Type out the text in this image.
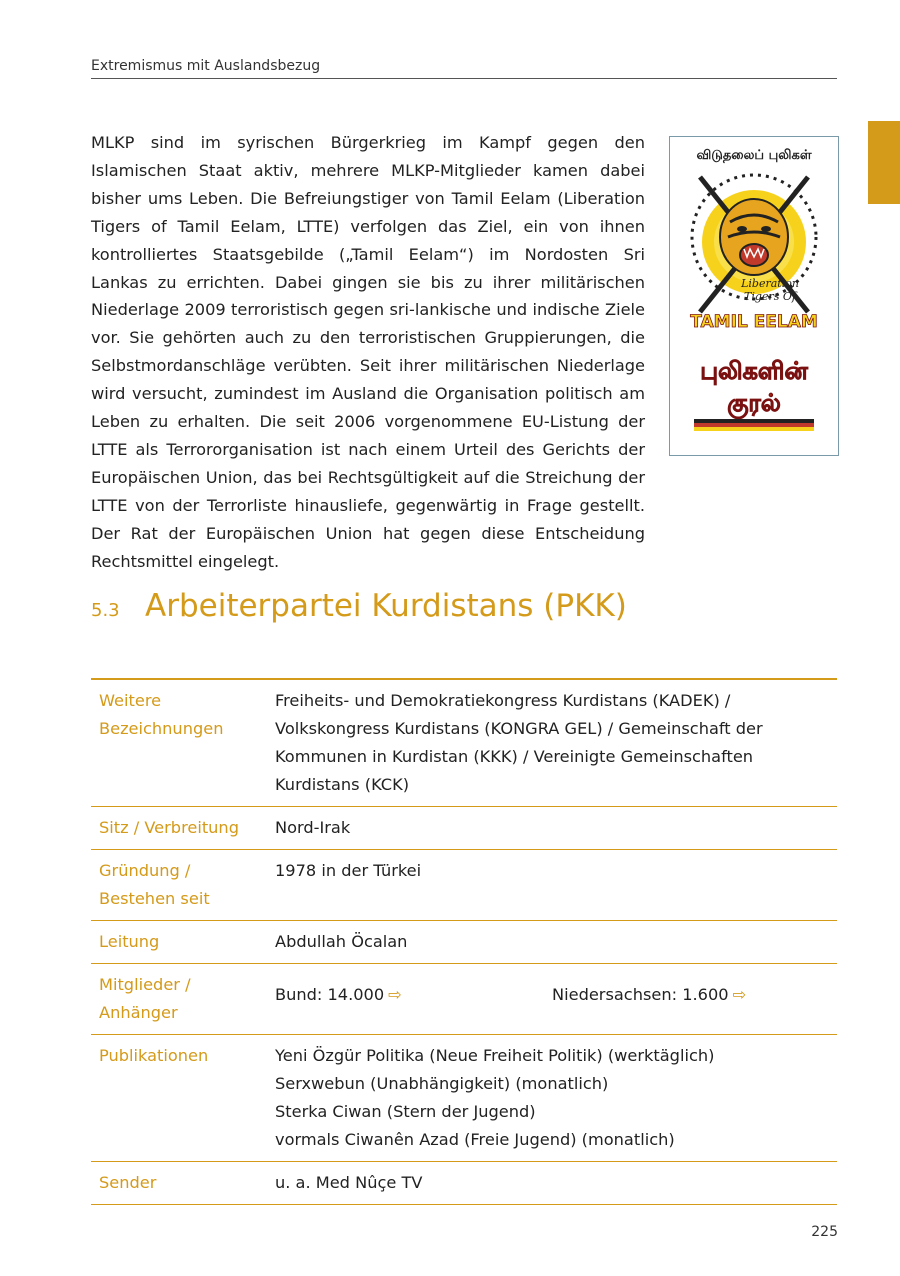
Extremismus mit Auslandsbezug
MLKP sind im syrischen Bürgerkrieg im Kampf gegen den Islamischen Staat aktiv, mehrere MLKP-Mitglieder kamen dabei bisher ums Leben. Die Befreiungstiger von Tamil Eelam (Liberation Tigers of Tamil Eelam, LTTE) verfolgen das Ziel, ein von ihnen kontrolliertes Staatsgebilde („Tamil Eelam“) im Nordosten Sri Lankas zu errichten. Dabei gingen sie bis zu ihrer militärischen Niederlage 2009 terroristisch gegen sri-lankische und indische Ziele vor. Sie gehörten auch zu den terroristischen Gruppierungen, die Selbstmordanschläge verübten. Seit ihrer militärischen Niederlage wird versucht, zumindest im Ausland die Organisation politisch am Leben zu erhalten. Die seit 2006 vorgenommene EU-Listung der LTTE als Terrororganisation ist nach einem Urteil des Gerichts der Europäischen Union, das bei Rechtsgültigkeit auf die Streichung der LTTE von der Terrorliste hinausliefe, gegenwärtig in Frage gestellt. Der Rat der Europäischen Union hat gegen diese Entscheidung Rechtsmittel eingelegt.
விடுதலைப் புலிகள்
Liberation
Tigers Of
TAMIL EELAM
புலிகளின்
குரல்
5.3 Arbeiterpartei Kurdistans (PKK)
Weitere Bezeichnungen	Freiheits- und Demokratiekongress Kurdistans (KADEK) / Volkskongress Kurdistans (KONGRA GEL) / Gemeinschaft der Kommunen in Kurdistan (KKK) / Vereinigte Gemeinschaften Kurdistans (KCK)
Sitz / Verbreitung	Nord-Irak
Gründung / Bestehen seit	1978 in der Türkei
Leitung	Abdullah Öcalan
Mitglieder / Anhänger	Bund: 14.000 ⇨ Niedersachsen: 1.600 ⇨

Publikationen	Yeni Özgür Politika (Neue Freiheit Politik) (werktäglich)
Serxwebun (Unabhängigkeit) (monatlich)
Sterka Ciwan (Stern der Jugend)
vormals Ciwanên Azad (Freie Jugend) (monatlich)

Sender	u. a. Med Nûçe TV
225
